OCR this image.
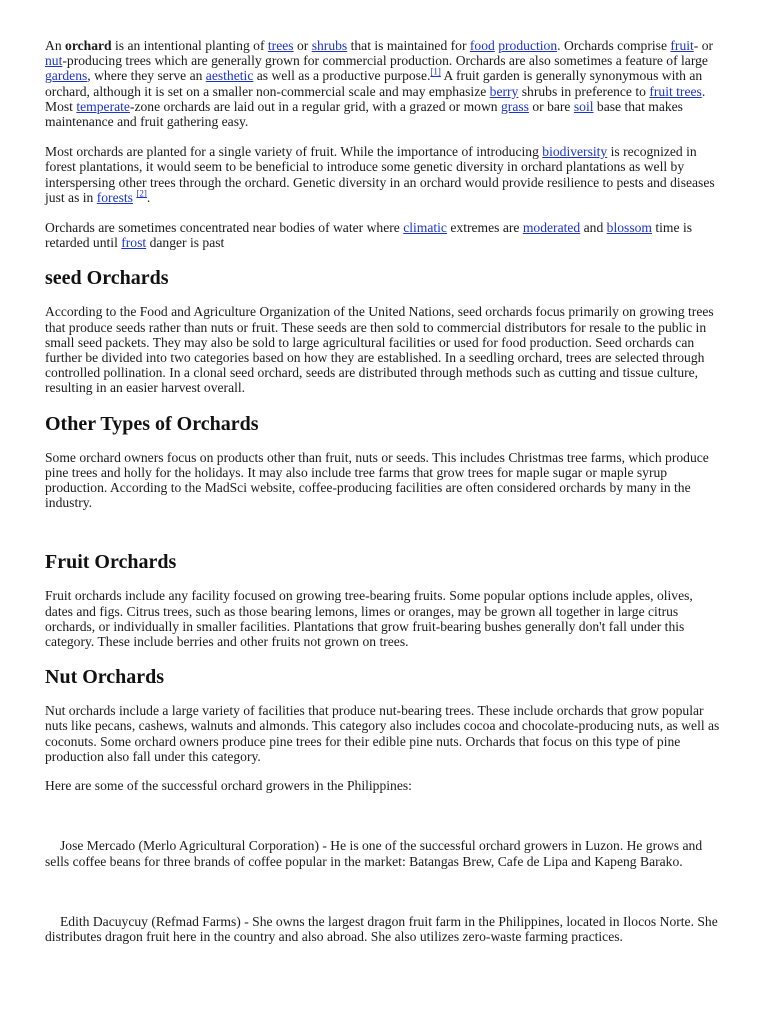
An orchard is an intentional planting of trees or shrubs that is maintained for food production. Orchards comprise fruit- or nut-producing trees which are generally grown for commercial production. Orchards are also sometimes a feature of large gardens, where they serve an aesthetic as well as a productive purpose.[1] A fruit garden is generally synonymous with an orchard, although it is set on a smaller non-commercial scale and may emphasize berry shrubs in preference to fruit trees. Most temperate-zone orchards are laid out in a regular grid, with a grazed or mown grass or bare soil base that makes maintenance and fruit gathering easy.

Most orchards are planted for a single variety of fruit. While the importance of introducing biodiversity is recognized in forest plantations, it would seem to be beneficial to introduce some genetic diversity in orchard plantations as well by interspersing other trees through the orchard. Genetic diversity in an orchard would provide resilience to pests and diseases just as in forests [2].

Orchards are sometimes concentrated near bodies of water where climatic extremes are moderated and blossom time is retarded until frost danger is past

seed Orchards

According to the Food and Agriculture Organization of the United Nations, seed orchards focus primarily on growing trees that produce seeds rather than nuts or fruit. These seeds are then sold to commercial distributors for resale to the public in small seed packets. They may also be sold to large agricultural facilities or used for food production. Seed orchards can further be divided into two categories based on how they are established. In a seedling orchard, trees are selected through controlled pollination. In a clonal seed orchard, seeds are distributed through methods such as cutting and tissue culture, resulting in an easier harvest overall.

Other Types of Orchards

Some orchard owners focus on products other than fruit, nuts or seeds. This includes Christmas tree farms, which produce pine trees and holly for the holidays. It may also include tree farms that grow trees for maple sugar or maple syrup production. According to the MadSci website, coffee-producing facilities are often considered orchards by many in the industry.

Fruit Orchards

Fruit orchards include any facility focused on growing tree-bearing fruits. Some popular options include apples, olives, dates and figs. Citrus trees, such as those bearing lemons, limes or oranges, may be grown all together in large citrus orchards, or individually in smaller facilities. Plantations that grow fruit-bearing bushes generally don't fall under this category. These include berries and other fruits not grown on trees.

Nut Orchards

Nut orchards include a large variety of facilities that produce nut-bearing trees. These include orchards that grow popular nuts like pecans, cashews, walnuts and almonds. This category also includes cocoa and chocolate-producing nuts, as well as coconuts. Some orchard owners produce pine trees for their edible pine nuts. Orchards that focus on this type of pine production also fall under this category.

Here are some of the successful orchard growers in the Philippines:

Jose Mercado (Merlo Agricultural Corporation) - He is one of the successful orchard growers in Luzon. He grows and sells coffee beans for three brands of coffee popular in the market: Batangas Brew, Cafe de Lipa and Kapeng Barako.

Edith Dacuycuy (Refmad Farms) - She owns the largest dragon fruit farm in the Philippines, located in Ilocos Norte. She distributes dragon fruit here in the country and also abroad. She also utilizes zero-waste farming practices.
